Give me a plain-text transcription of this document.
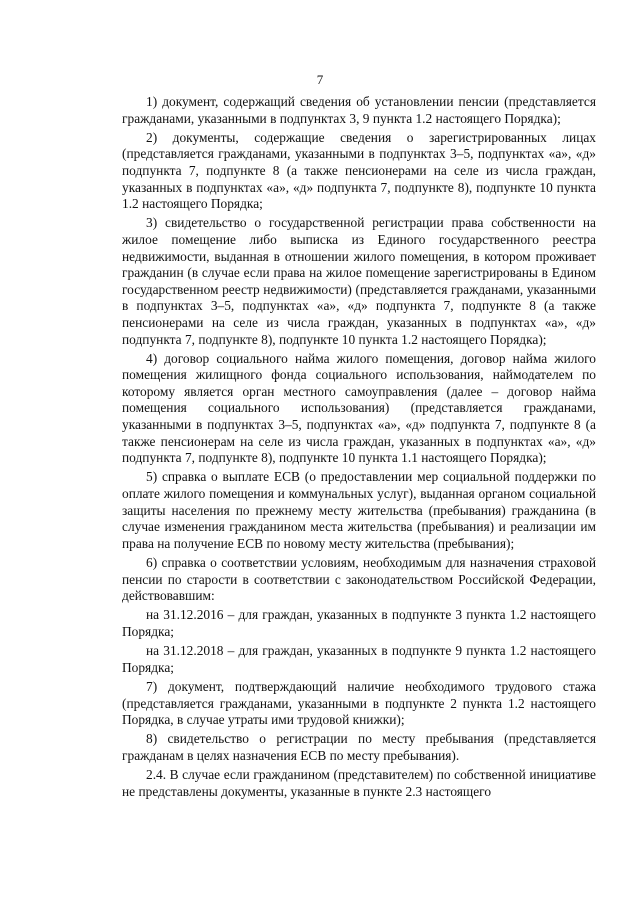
7

1) документ, содержащий сведения об установлении пенсии (представляется гражданами, указанными в подпунктах 3, 9 пункта 1.2 настоящего Порядка);

2) документы, содержащие сведения о зарегистрированных лицах (представляется гражданами, указанными в подпунктах 3–5, подпунктах «а», «д» подпункта 7, подпункте 8 (а также пенсионерами на селе из числа граждан, указанных в подпунктах «а», «д» подпункта 7, подпункте 8), подпункте 10 пункта 1.2 настоящего Порядка;

3) свидетельство о государственной регистрации права собственности на жилое помещение либо выписка из Единого государственного реестра недвижимости, выданная в отношении жилого помещения, в котором проживает гражданин (в случае если права на жилое помещение зарегистрированы в Едином государственном реестр недвижимости) (представляется гражданами, указанными в подпунктах 3–5, подпунктах «а», «д» подпункта 7, подпункте 8 (а также пенсионерами на селе из числа граждан, указанных в подпунктах «а», «д» подпункта 7, подпункте 8), подпункте 10 пункта 1.2 настоящего Порядка);

4) договор социального найма жилого помещения, договор найма жилого помещения жилищного фонда социального использования, наймодателем по которому является орган местного самоуправления (далее – договор найма помещения социального использования) (представляется гражданами, указанными в подпунктах 3–5, подпунктах «а», «д» подпункта 7, подпункте 8 (а также пенсионерам на селе из числа граждан, указанных в подпунктах «а», «д» подпункта 7, подпункте 8), подпункте 10 пункта 1.1 настоящего Порядка);

5) справка о выплате ЕСВ (о предоставлении мер социальной поддержки по оплате жилого помещения и коммунальных услуг), выданная органом социальной защиты населения по прежнему месту жительства (пребывания) гражданина (в случае изменения гражданином места жительства (пребывания) и реализации им права на получение ЕСВ по новому месту жительства (пребывания);

6) справка о соответствии условиям, необходимым для назначения страховой пенсии по старости в соответствии с законодательством Российской Федерации, действовавшим:

на 31.12.2016 – для граждан, указанных в подпункте 3 пункта 1.2 настоящего Порядка;

на 31.12.2018 – для граждан, указанных в подпункте 9 пункта 1.2 настоящего Порядка;

7) документ, подтверждающий наличие необходимого трудового стажа (представляется гражданами, указанными в подпункте 2 пункта 1.2 настоящего Порядка, в случае утраты ими трудовой книжки);

8) свидетельство о регистрации по месту пребывания (представляется гражданам в целях назначения ЕСВ по месту пребывания).

2.4. В случае если гражданином (представителем) по собственной инициативе не представлены документы, указанные в пункте 2.3 настоящего
